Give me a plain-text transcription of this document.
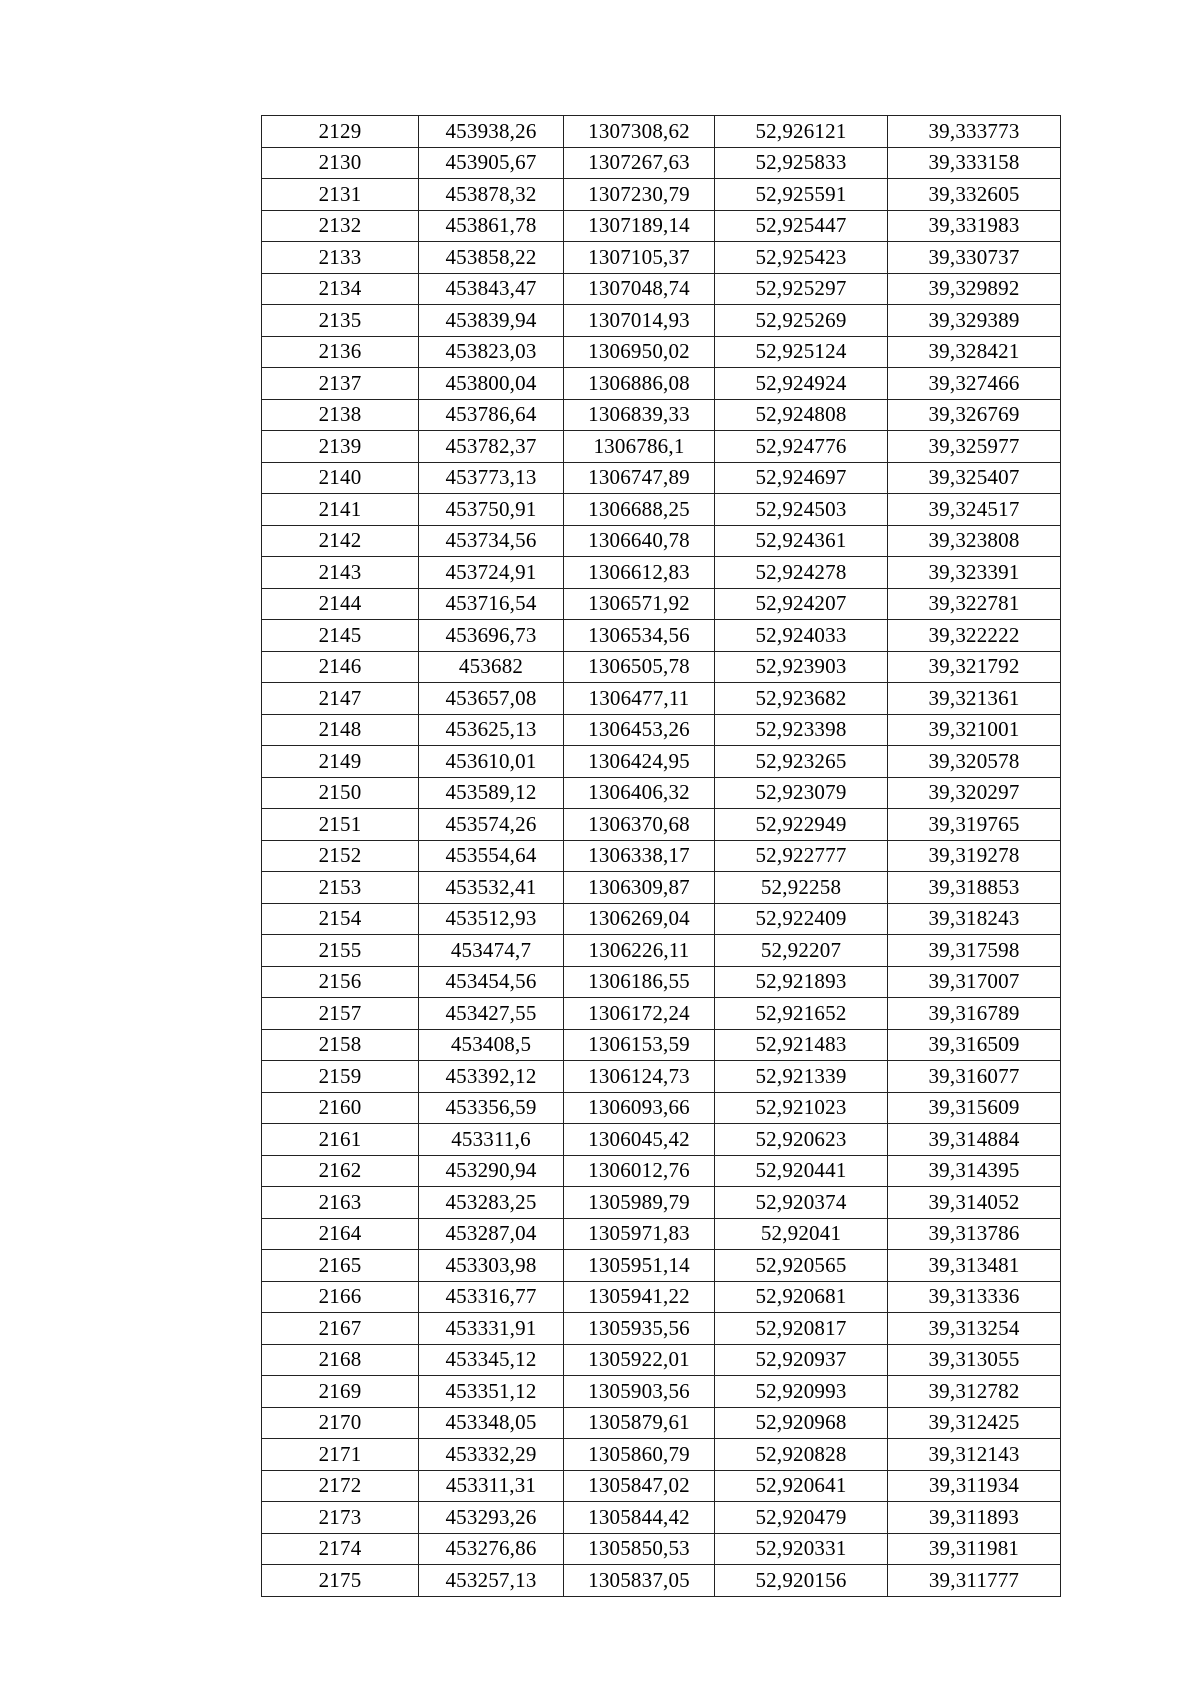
2129	453938,26	1307308,62	52,926121	39,333773
2130	453905,67	1307267,63	52,925833	39,333158
2131	453878,32	1307230,79	52,925591	39,332605
2132	453861,78	1307189,14	52,925447	39,331983
2133	453858,22	1307105,37	52,925423	39,330737
2134	453843,47	1307048,74	52,925297	39,329892
2135	453839,94	1307014,93	52,925269	39,329389
2136	453823,03	1306950,02	52,925124	39,328421
2137	453800,04	1306886,08	52,924924	39,327466
2138	453786,64	1306839,33	52,924808	39,326769
2139	453782,37	1306786,1	52,924776	39,325977
2140	453773,13	1306747,89	52,924697	39,325407
2141	453750,91	1306688,25	52,924503	39,324517
2142	453734,56	1306640,78	52,924361	39,323808
2143	453724,91	1306612,83	52,924278	39,323391
2144	453716,54	1306571,92	52,924207	39,322781
2145	453696,73	1306534,56	52,924033	39,322222
2146	453682	1306505,78	52,923903	39,321792
2147	453657,08	1306477,11	52,923682	39,321361
2148	453625,13	1306453,26	52,923398	39,321001
2149	453610,01	1306424,95	52,923265	39,320578
2150	453589,12	1306406,32	52,923079	39,320297
2151	453574,26	1306370,68	52,922949	39,319765
2152	453554,64	1306338,17	52,922777	39,319278
2153	453532,41	1306309,87	52,92258	39,318853
2154	453512,93	1306269,04	52,922409	39,318243
2155	453474,7	1306226,11	52,92207	39,317598
2156	453454,56	1306186,55	52,921893	39,317007
2157	453427,55	1306172,24	52,921652	39,316789
2158	453408,5	1306153,59	52,921483	39,316509
2159	453392,12	1306124,73	52,921339	39,316077
2160	453356,59	1306093,66	52,921023	39,315609
2161	453311,6	1306045,42	52,920623	39,314884
2162	453290,94	1306012,76	52,920441	39,314395
2163	453283,25	1305989,79	52,920374	39,314052
2164	453287,04	1305971,83	52,92041	39,313786
2165	453303,98	1305951,14	52,920565	39,313481
2166	453316,77	1305941,22	52,920681	39,313336
2167	453331,91	1305935,56	52,920817	39,313254
2168	453345,12	1305922,01	52,920937	39,313055
2169	453351,12	1305903,56	52,920993	39,312782
2170	453348,05	1305879,61	52,920968	39,312425
2171	453332,29	1305860,79	52,920828	39,312143
2172	453311,31	1305847,02	52,920641	39,311934
2173	453293,26	1305844,42	52,920479	39,311893
2174	453276,86	1305850,53	52,920331	39,311981
2175	453257,13	1305837,05	52,920156	39,311777
